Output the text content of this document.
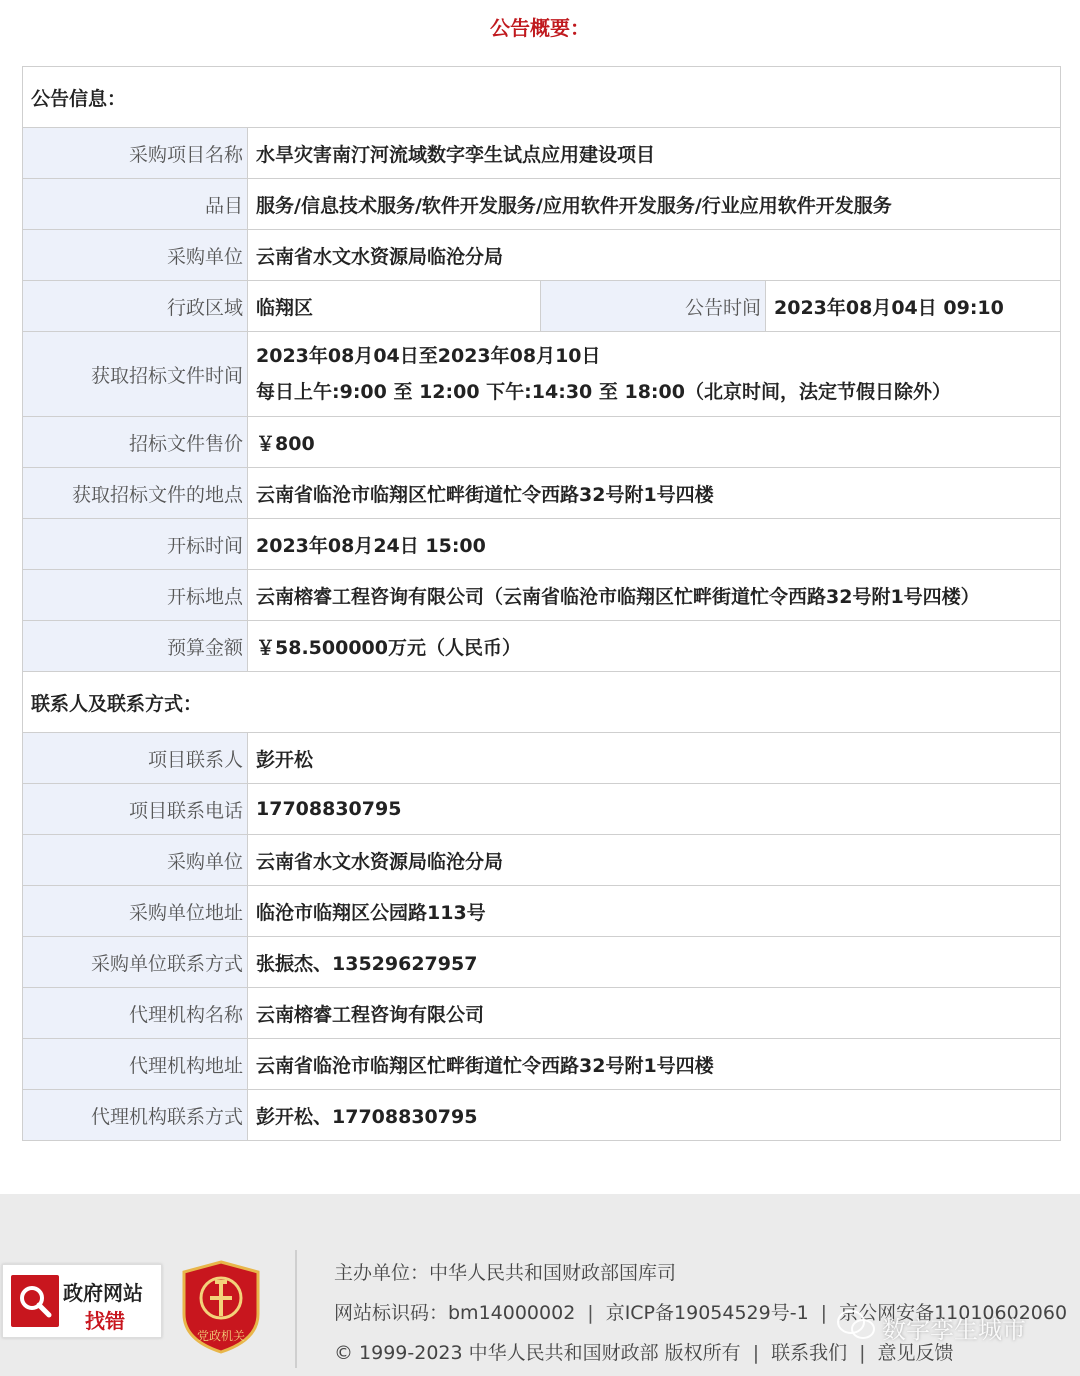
公告概要：
公告信息：			
采购项目名称	水旱灾害南汀河流域数字孪生试点应用建设项目		
品目	服务/信息技术服务/软件开发服务/应用软件开发服务/行业应用软件开发服务		
采购单位	云南省水文水资源局临沧分局		
行政区域	临翔区	公告时间	2023年08月04日 09:10
获取招标文件时间	2023年08月04日至2023年08月10日
每日上午:9:00 至 12:00 下午:14:30 至 18:00（北京时间，法定节假日除外）		

招标文件售价	￥800		
获取招标文件的地点	云南省临沧市临翔区忙畔街道忙令西路32号附1号四楼		
开标时间	2023年08月24日 15:00		
开标地点	云南榕睿工程咨询有限公司（云南省临沧市临翔区忙畔街道忙令西路32号附1号四楼）		
预算金额	￥58.500000万元（人民币）		
联系人及联系方式：			
项目联系人	彭开松		
项目联系电话	17708830795		
采购单位	云南省水文水资源局临沧分局		
采购单位地址	临沧市临翔区公园路113号		
采购单位联系方式	张振杰、13529627957		
代理机构名称	云南榕睿工程咨询有限公司		
代理机构地址	云南省临沧市临翔区忙畔街道忙令西路32号附1号四楼		
代理机构联系方式	彭开松、17708830795		
政府网站
找错
党政机关
主办单位：中华人民共和国财政部国库司
网站标识码：bm14000002 | 京ICP备19054529号-1 | 京公网安备11010602060
© 1999-2023 中华人民共和国财政部 版权所有 | 联系我们 | 意见反馈
数字孪生城市
